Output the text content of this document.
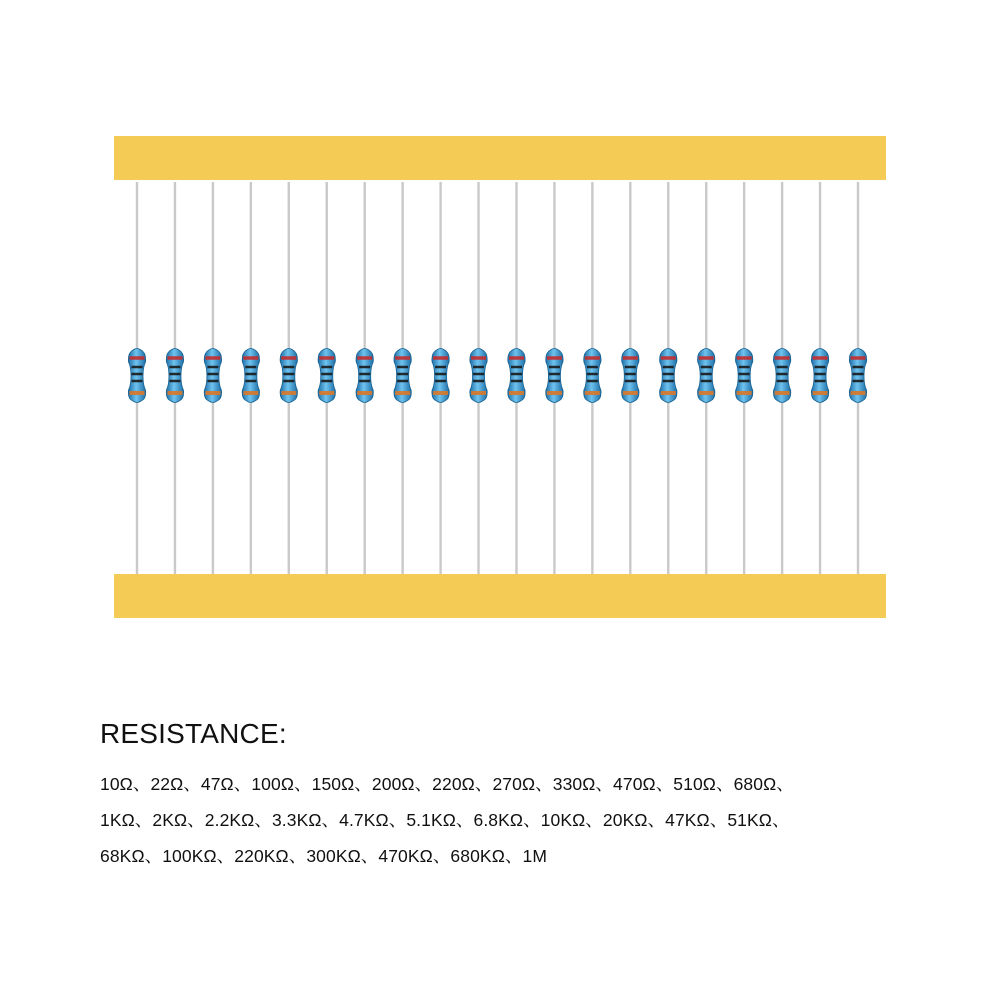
RESISTANCE:

10Ω、22Ω、47Ω、100Ω、150Ω、200Ω、220Ω、270Ω、330Ω、470Ω、510Ω、680Ω、

1KΩ、2KΩ、2.2KΩ、3.3KΩ、4.7KΩ、5.1KΩ、6.8KΩ、10KΩ、20KΩ、47KΩ、51KΩ、

68KΩ、100KΩ、220KΩ、300KΩ、470KΩ、680KΩ、1M
